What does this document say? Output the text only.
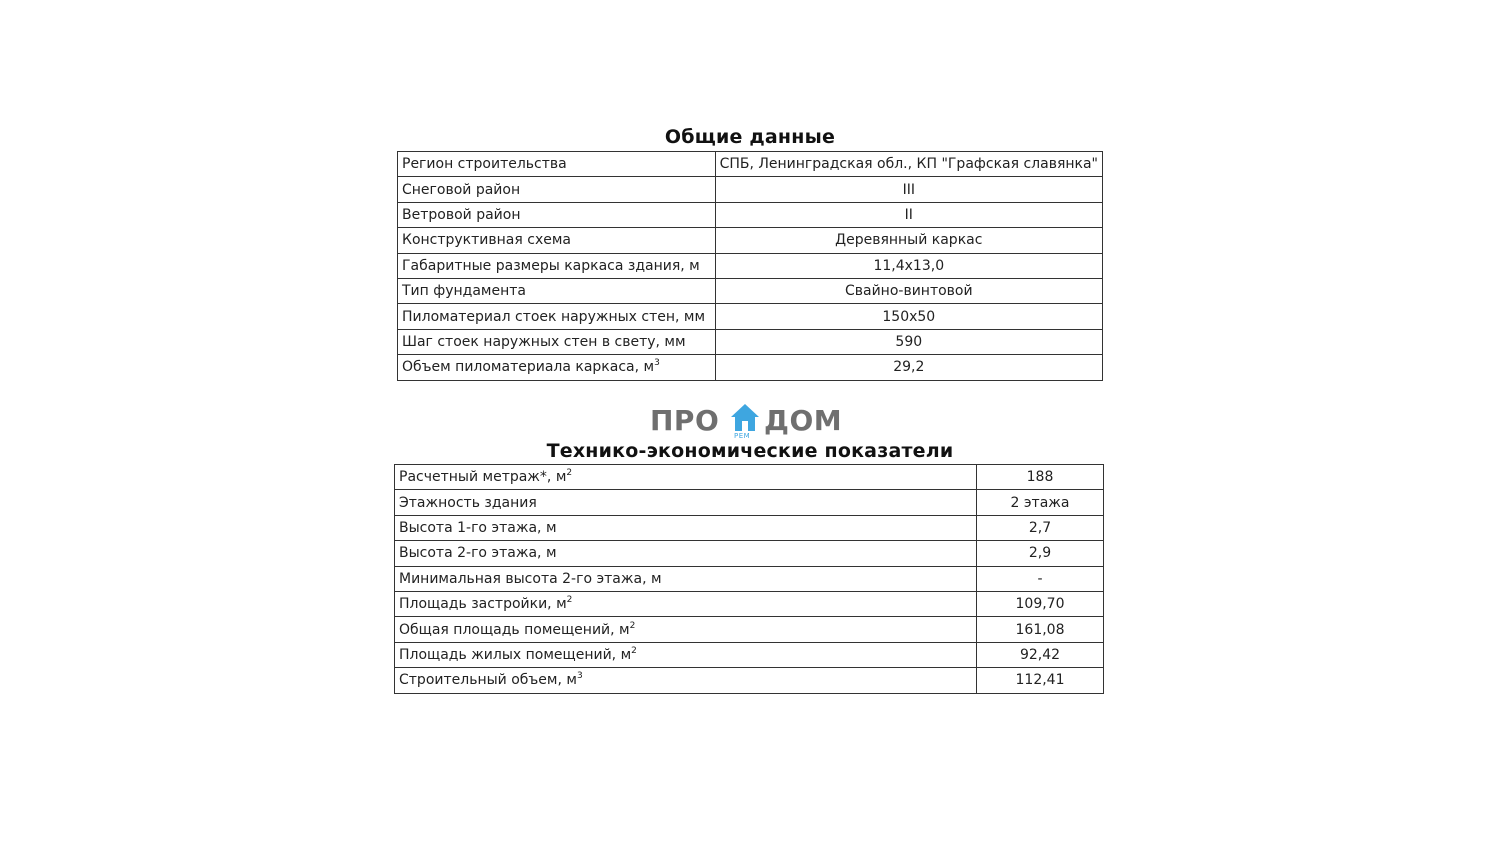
Общие данные
Регион строительства	СПБ, Ленинградская обл., КП "Графская славянка"
Снеговой район	III
Ветровой район	II
Конструктивная схема	Деревянный каркас
Габаритные размеры каркаса здания, м	11,4х13,0
Тип фундамента	Свайно-винтовой
Пиломатериал стоек наружных стен, мм	150х50
Шаг стоек наружных стен в свету, мм	590
Объем пиломатериала каркаса, $м^3$	29,2
ПРО РЕМ ДОМ
Технико-экономические показатели
Расчетный метраж*, $м^2$	188
Этажность здания	2 этажа
Высота 1-го этажа, м	2,7
Высота 2-го этажа, м	2,9
Минимальная высота 2-го этажа, м	-
Площадь застройки, $м^2$	109,70
Общая площадь помещений, $м^2$	161,08
Площадь жилых помещений, $м^2$	92,42
Строительный объем, $м^3$	112,41
